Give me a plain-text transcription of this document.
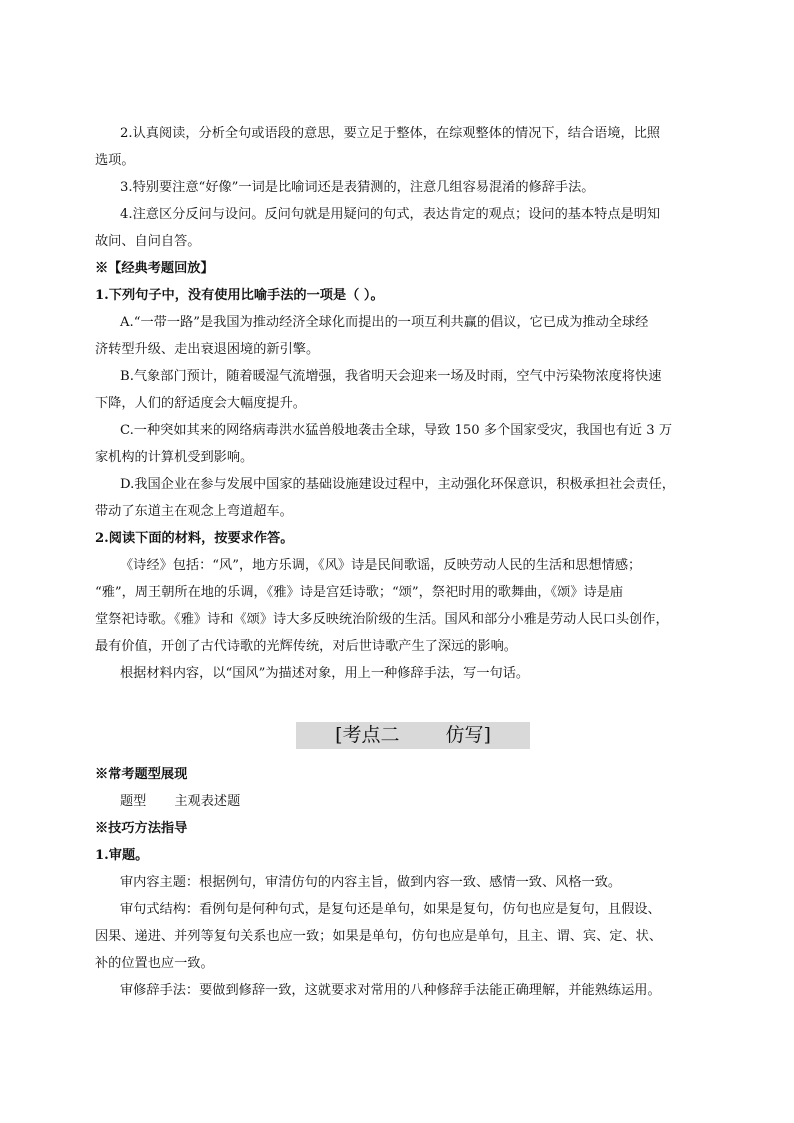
2.认真阅读，分析全句或语段的意思，要立足于整体，在综观整体的情况下，结合语境，比照
选项。
3.特别要注意“好像”一词是比喻词还是表猜测的，注意几组容易混淆的修辞手法。
4.注意区分反问与设问。反问句就是用疑问的句式，表达肯定的观点；设问的基本特点是明知
故问、自问自答。
※【经典考题回放】
1.下列句子中，没有使用比喻手法的一项是（ ）。
A.“一带一路”是我国为推动经济全球化而提出的一项互利共赢的倡议，它已成为推动全球经
济转型升级、走出衰退困境的新引擎。
B.气象部门预计，随着暖湿气流增强，我省明天会迎来一场及时雨，空气中污染物浓度将快速
下降，人们的舒适度会大幅度提升。
C.一种突如其来的网络病毒洪水猛兽般地袭击全球，导致 150 多个国家受灾，我国也有近 3 万
家机构的计算机受到影响。
D.我国企业在参与发展中国家的基础设施建设过程中，主动强化环保意识，积极承担社会责任，
带动了东道主在观念上弯道超车。
2.阅读下面的材料，按要求作答。
《诗经》包括：“风”，地方乐调，《风》诗是民间歌谣，反映劳动人民的生活和思想情感；
“雅”，周王朝所在地的乐调，《雅》诗是宫廷诗歌；“颂”，祭祀时用的歌舞曲，《颂》诗是庙
堂祭祀诗歌。《雅》诗和《颂》诗大多反映统治阶级的生活。国风和部分小雅是劳动人民口头创作，
最有价值，开创了古代诗歌的光辉传统，对后世诗歌产生了深远的影响。
根据材料内容，以“国风”为描述对象，用上一种修辞手法，写一句话。
[考点二 仿写]
※常考题型展现
题型 主观表述题
※技巧方法指导
1.审题。
审内容主题：根据例句，审清仿句的内容主旨，做到内容一致、感情一致、风格一致。
审句式结构：看例句是何种句式，是复句还是单句，如果是复句，仿句也应是复句，且假设、
因果、递进、并列等复句关系也应一致；如果是单句，仿句也应是单句，且主、谓、宾、定、状、
补的位置也应一致。
审修辞手法：要做到修辞一致，这就要求对常用的八种修辞手法能正确理解，并能熟练运用。
